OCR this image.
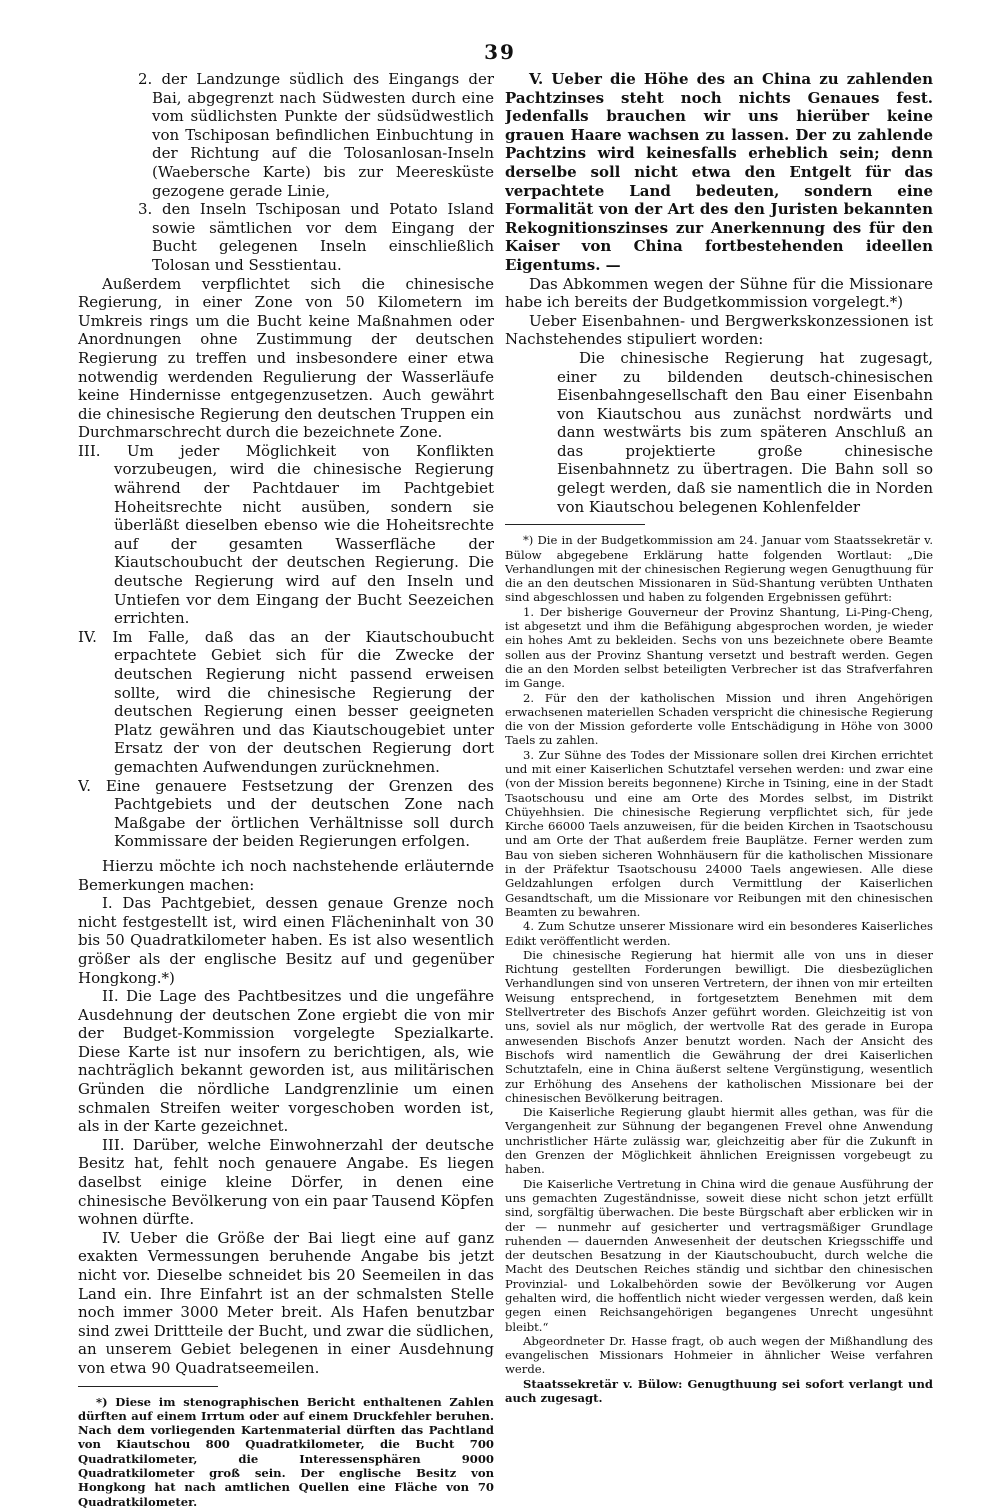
39

2. der Landzunge südlich des Eingangs der Bai, abgegrenzt nach Südwesten durch eine vom südlichsten Punkte der südsüdwestlich von Tschiposan befindlichen Einbuchtung in der Richtung auf die Tolosanlosan-Inseln (Waebersche Karte) bis zur Meeresküste gezogene gerade Linie,

3. den Inseln Tschiposan und Potato Island sowie sämtlichen vor dem Eingang der Bucht gelegenen Inseln einschließlich Tolosan und Sesstientau.

Außerdem verpflichtet sich die chinesische Regierung, in einer Zone von 50 Kilometern im Umkreis rings um die Bucht keine Maßnahmen oder Anordnungen ohne Zustimmung der deutschen Regierung zu treffen und insbesondere einer etwa notwendig werdenden Regulierung der Wasserläufe keine Hindernisse entgegenzusetzen. Auch gewährt die chinesische Regierung den deutschen Truppen ein Durchmarschrecht durch die bezeichnete Zone.

III. Um jeder Möglichkeit von Konflikten vorzubeugen, wird die chinesische Regierung während der Pachtdauer im Pachtgebiet Hoheitsrechte nicht ausüben, sondern sie überläßt dieselben ebenso wie die Hoheitsrechte auf der gesamten Wasserfläche der Kiautschoubucht der deutschen Regierung. Die deutsche Regierung wird auf den Inseln und Untiefen vor dem Eingang der Bucht Seezeichen errichten.

IV. Im Falle, daß das an der Kiautschoubucht erpachtete Gebiet sich für die Zwecke der deutschen Regierung nicht passend erweisen sollte, wird die chinesische Regierung der deutschen Regierung einen besser geeigneten Platz gewähren und das Kiautschougebiet unter Ersatz der von der deutschen Regierung dort gemachten Aufwendungen zurücknehmen.

V. Eine genauere Festsetzung der Grenzen des Pachtgebiets und der deutschen Zone nach Maßgabe der örtlichen Verhältnisse soll durch Kommissare der beiden Regierungen erfolgen.

Hierzu möchte ich noch nachstehende erläuternde Bemerkungen machen:

I. Das Pachtgebiet, dessen genaue Grenze noch nicht festgestellt ist, wird einen Flächeninhalt von 30 bis 50 Quadratkilometer haben. Es ist also wesentlich größer als der englische Besitz auf und gegenüber Hongkong.*)

II. Die Lage des Pachtbesitzes und die ungefähre Ausdehnung der deutschen Zone ergiebt die von mir der Budget-Kommission vorgelegte Spezialkarte. Diese Karte ist nur insofern zu berichtigen, als, wie nachträglich bekannt geworden ist, aus militärischen Gründen die nördliche Landgrenzlinie um einen schmalen Streifen weiter vorgeschoben worden ist, als in der Karte gezeichnet.

III. Darüber, welche Einwohnerzahl der deutsche Besitz hat, fehlt noch genauere Angabe. Es liegen daselbst einige kleine Dörfer, in denen eine chinesische Bevölkerung von ein paar Tausend Köpfen wohnen dürfte.

IV. Ueber die Größe der Bai liegt eine auf ganz exakten Vermessungen beruhende Angabe bis jetzt nicht vor. Dieselbe schneidet bis 20 Seemeilen in das Land ein. Ihre Einfahrt ist an der schmalsten Stelle noch immer 3000 Meter breit. Als Hafen benutzbar sind zwei Drittteile der Bucht, und zwar die südlichen, an unserem Gebiet belegenen in einer Ausdehnung von etwa 90 Quadratseemeilen.

*) Diese im stenographischen Bericht enthaltenen Zahlen dürften auf einem Irrtum oder auf einem Druckfehler beruhen. Nach dem vorliegenden Kartenmaterial dürften das Pachtland von Kiautschou 800 Quadratkilometer, die Bucht 700 Quadratkilometer, die Interessensphären 9000 Quadratkilometer groß sein. Der englische Besitz von Hongkong hat nach amtlichen Quellen eine Fläche von 70 Quadratkilometer.

V. Ueber die Höhe des an China zu zahlenden Pachtzinses steht noch nichts Genaues fest. Jedenfalls brauchen wir uns hierüber keine grauen Haare wachsen zu lassen. Der zu zahlende Pachtzins wird keinesfalls erheblich sein; denn derselbe soll nicht etwa den Entgelt für das verpachtete Land bedeuten, sondern eine Formalität von der Art des den Juristen bekannten Rekognitionszinses zur Anerkennung des für den Kaiser von China fortbestehenden ideellen Eigentums. —

Das Abkommen wegen der Sühne für die Missionare habe ich bereits der Budgetkommission vorgelegt.*)

Ueber Eisenbahnen- und Bergwerkskonzessionen ist Nachstehendes stipuliert worden:

Die chinesische Regierung hat zugesagt, einer zu bildenden deutsch-chinesischen Eisenbahngesellschaft den Bau einer Eisenbahn von Kiautschou aus zunächst nordwärts und dann westwärts bis zum späteren Anschluß an das projektierte große chinesische Eisenbahnnetz zu übertragen. Die Bahn soll so gelegt werden, daß sie namentlich die in Norden von Kiautschou belegenen Kohlenfelder

*) Die in der Budgetkommission am 24. Januar vom Staatssekretär v. Bülow abgegebene Erklärung hatte folgenden Wortlaut: „Die Verhandlungen mit der chinesischen Regierung wegen Genugthuung für die an den deutschen Missionaren in Süd-Shantung verübten Unthaten sind abgeschlossen und haben zu folgenden Ergebnissen geführt:

1. Der bisherige Gouverneur der Provinz Shantung, Li-Ping-Cheng, ist abgesetzt und ihm die Befähigung abgesprochen worden, je wieder ein hohes Amt zu bekleiden. Sechs von uns bezeichnete obere Beamte sollen aus der Provinz Shantung versetzt und bestraft werden. Gegen die an den Morden selbst beteiligten Verbrecher ist das Strafverfahren im Gange.

2. Für den der katholischen Mission und ihren Angehörigen erwachsenen materiellen Schaden verspricht die chinesische Regierung die von der Mission geforderte volle Entschädigung in Höhe von 3000 Taels zu zahlen.

3. Zur Sühne des Todes der Missionare sollen drei Kirchen errichtet und mit einer Kaiserlichen Schutztafel versehen werden: und zwar eine (von der Mission bereits begonnene) Kirche in Tsining, eine in der Stadt Tsaotschousu und eine am Orte des Mordes selbst, im Distrikt Chüyehhsien. Die chinesische Regierung verpflichtet sich, für jede Kirche 66000 Taels anzuweisen, für die beiden Kirchen in Tsaotschousu und am Orte der That außerdem freie Bauplätze. Ferner werden zum Bau von sieben sicheren Wohnhäusern für die katholischen Missionare in der Präfektur Tsaotschousu 24000 Taels angewiesen. Alle diese Geldzahlungen erfolgen durch Vermittlung der Kaiserlichen Gesandtschaft, um die Missionare vor Reibungen mit den chinesischen Beamten zu bewahren.

4. Zum Schutze unserer Missionare wird ein besonderes Kaiserliches Edikt veröffentlicht werden.

Die chinesische Regierung hat hiermit alle von uns in dieser Richtung gestellten Forderungen bewilligt. Die diesbezüglichen Verhandlungen sind von unseren Vertretern, der ihnen von mir erteilten Weisung entsprechend, in fortgesetztem Benehmen mit dem Stellvertreter des Bischofs Anzer geführt worden. Gleichzeitig ist von uns, soviel als nur möglich, der wertvolle Rat des gerade in Europa anwesenden Bischofs Anzer benutzt worden. Nach der Ansicht des Bischofs wird namentlich die Gewährung der drei Kaiserlichen Schutztafeln, eine in China äußerst seltene Vergünstigung, wesentlich zur Erhöhung des Ansehens der katholischen Missionare bei der chinesischen Bevölkerung beitragen.

Die Kaiserliche Regierung glaubt hiermit alles gethan, was für die Vergangenheit zur Sühnung der begangenen Frevel ohne Anwendung unchristlicher Härte zulässig war, gleichzeitig aber für die Zukunft in den Grenzen der Möglichkeit ähnlichen Ereignissen vorgebeugt zu haben.

Die Kaiserliche Vertretung in China wird die genaue Ausführung der uns gemachten Zugeständnisse, soweit diese nicht schon jetzt erfüllt sind, sorgfältig überwachen. Die beste Bürgschaft aber erblicken wir in der — nunmehr auf gesicherter und vertragsmäßiger Grundlage ruhenden — dauernden Anwesenheit der deutschen Kriegsschiffe und der deutschen Besatzung in der Kiautschoubucht, durch welche die Macht des Deutschen Reiches ständig und sichtbar den chinesischen Provinzial- und Lokalbehörden sowie der Bevölkerung vor Augen gehalten wird, die hoffentlich nicht wieder vergessen werden, daß kein gegen einen Reichsangehörigen begangenes Unrecht ungesühnt bleibt.“

Abgeordneter Dr. Hasse fragt, ob auch wegen der Mißhandlung des evangelischen Missionars Hohmeier in ähnlicher Weise verfahren werde.

Staatssekretär v. Bülow: Genugthuung sei sofort verlangt und auch zugesagt.
